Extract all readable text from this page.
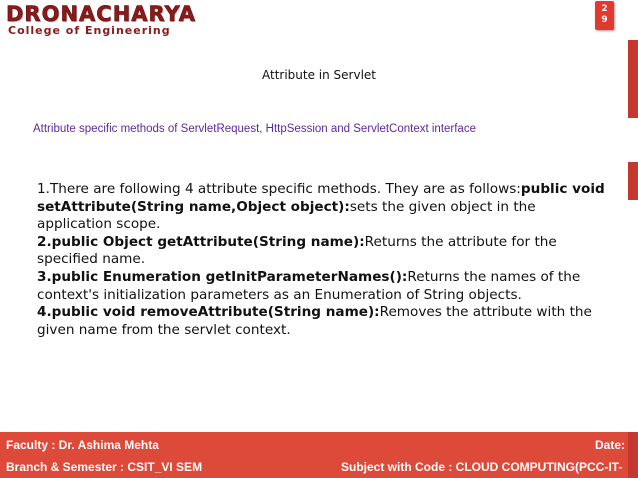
DRONACHARYA
College of Engineering
2
9
Attribute in Servlet
Attribute specific methods of ServletRequest, HttpSession and ServletContext interface
1.There are following 4 attribute specific methods. They are as follows:public void setAttribute(String name,Object object):sets the given object in the application scope.
2.public Object getAttribute(String name):Returns the attribute for the specified name.
3.public Enumeration getInitParameterNames():Returns the names of the context's initialization parameters as an Enumeration of String objects.
4.public void removeAttribute(String name):Removes the attribute with the given name from the servlet context.
Faculty : Dr. Ashima Mehta	Date:
Branch & Semester : CSIT_VI SEM	Subject with Code : CLOUD COMPUTING(PCC-IT-
